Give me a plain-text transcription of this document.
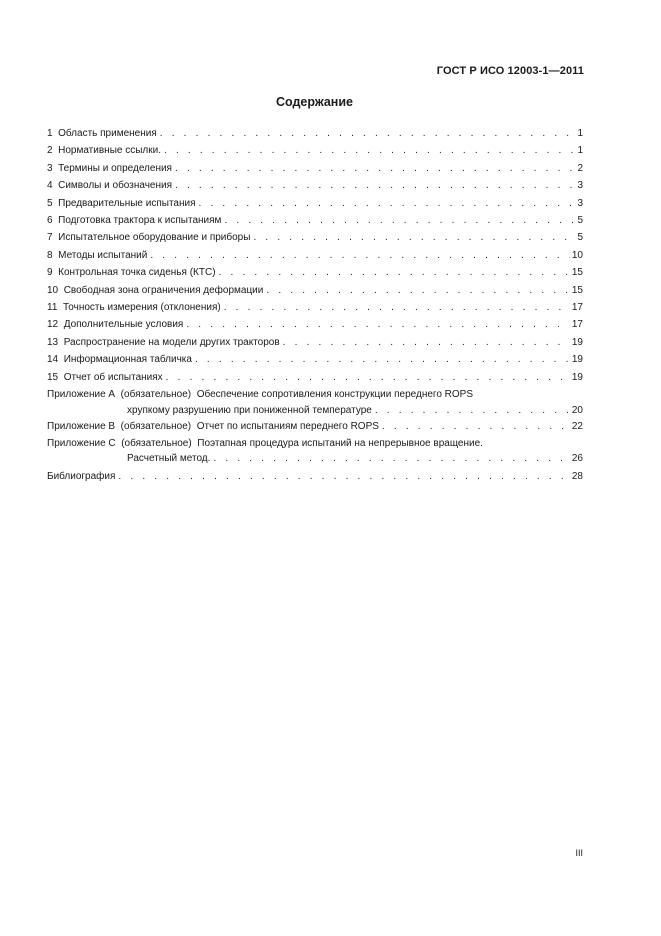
ГОСТ Р ИСО 12003-1—2011
Содержание
1 Область применения . . .	1
2 Нормативные ссылки. . . .	1
3 Термины и определения . . .	2
4 Символы и обозначения . . .	3
5 Предварительные испытания . . .	3
6 Подготовка трактора к испытаниям . . .	5
7 Испытательное оборудование и приборы . . .	5
8 Методы испытаний . . .	10
9 Контрольная точка сиденья (КТС) . . .	15
10 Свободная зона ограничения деформации . . .	15
11 Точность измерения (отклонения) . . .	17
12 Дополнительные условия . . .	17
13 Распространение на модели других тракторов . . .	19
14 Информационная табличка . . .	19
15 Отчет об испытаниях . . .	19
Приложение А (обязательное) Обеспечение сопротивления конструкции переднего ROPS
хрупкому разрушению при пониженной температуре . . .	20
Приложение В (обязательное) Отчет по испытаниям переднего ROPS . . .	22
Приложение С (обязательное) Поэтапная процедура испытаний на непрерывное вращение.
Расчетный метод. . . .	26
Библиография . . .	28
III
